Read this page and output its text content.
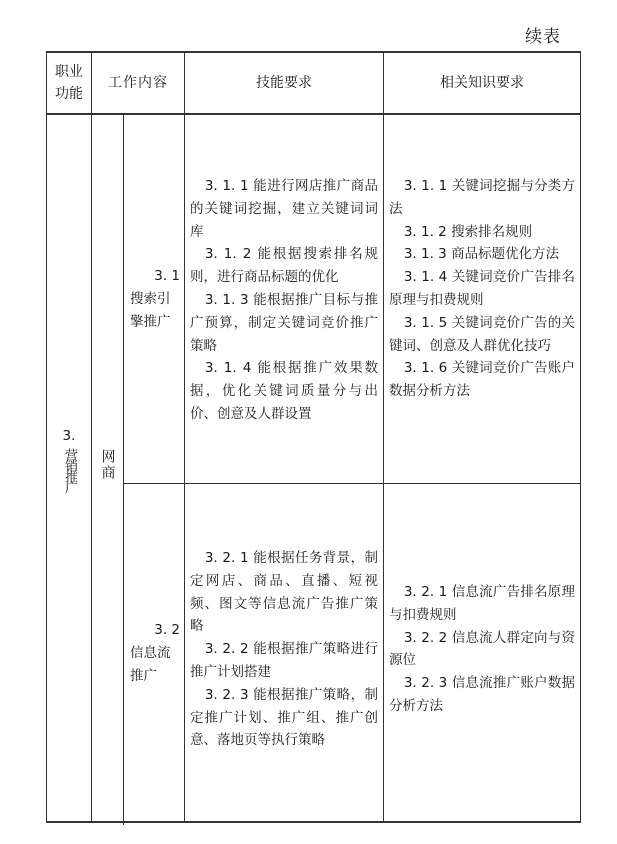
续表
职业
功能
工作内容	技能要求	相关知识要求
3.
营销推广 网商
3. 1
搜索引擎推广

3. 1. 1 能进行网店推广商品的关键词挖掘，建立关键词词库

3. 1. 2 能根据搜索排名规则，进行商品标题的优化

3. 1. 3 能根据推广目标与推广预算，制定关键词竞价推广策略

3. 1. 4 能根据推广效果数据，优化关键词质量分与出价、创意及人群设置

3. 1. 1 关键词挖掘与分类方法

3. 1. 2 搜索排名规则

3. 1. 3 商品标题优化方法

3. 1. 4 关键词竞价广告排名原理与扣费规则

3. 1. 5 关键词竞价广告的关键词、创意及人群优化技巧

3. 1. 6 关键词竞价广告账户数据分析方法

3. 2
信息流推广

3. 2. 1 能根据任务背景，制定网店、商品、直播、短视频、图文等信息流广告推广策略

3. 2. 2 能根据推广策略进行推广计划搭建

3. 2. 3 能根据推广策略，制定推广计划、推广组、推广创意、落地页等执行策略

3. 2. 1 信息流广告排名原理与扣费规则

3. 2. 2 信息流人群定向与资源位

3. 2. 3 信息流推广账户数据分析方法
